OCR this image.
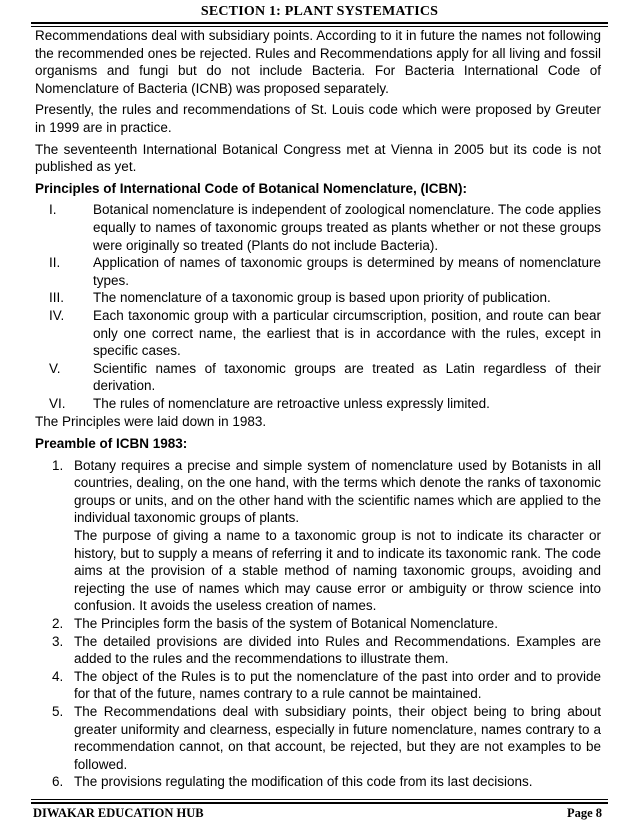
SECTION 1: PLANT SYSTEMATICS

Recommendations deal with subsidiary points. According to it in future the names not following the recommended ones be rejected. Rules and Recommendations apply for all living and fossil organisms and fungi but do not include Bacteria. For Bacteria International Code of Nomenclature of Bacteria (ICNB) was proposed separately.

Presently, the rules and recommendations of St. Louis code which were proposed by Greuter in 1999 are in practice.

The seventeenth International Botanical Congress met at Vienna in 2005 but its code is not published as yet.

Principles of International Code of Botanical Nomenclature, (ICBN):

I.	Botanical nomenclature is independent of zoological nomenclature. The code applies equally to names of taxonomic groups treated as plants whether or not these groups were originally so treated (Plants do not include Bacteria).
II. Application of names of taxonomic groups is determined by means of nomenclature types.
III. The nomenclature of a taxonomic group is based upon priority of publication.
IV. Each taxonomic group with a particular circumscription, position, and route can bear only one correct name, the earliest that is in accordance with the rules, except in specific cases.
V. Scientific names of taxonomic groups are treated as Latin regardless of their derivation.
VI. The rules of nomenclature are retroactive unless expressly limited.

The Principles were laid down in 1983.

Preamble of ICBN 1983:

1. Botany requires a precise and simple system of nomenclature used by Botanists in all countries, dealing, on the one hand, with the terms which denote the ranks of taxonomic groups or units, and on the other hand with the scientific names which are applied to the individual taxonomic groups of plants.

The purpose of giving a name to a taxonomic group is not to indicate its character or history, but to supply a means of referring it and to indicate its taxonomic rank. The code aims at the provision of a stable method of naming taxonomic groups, avoiding and rejecting the use of names which may cause error or ambiguity or throw science into confusion. It avoids the useless creation of names.

2. The Principles form the basis of the system of Botanical Nomenclature.
3. The detailed provisions are divided into Rules and Recommendations. Examples are added to the rules and the recommendations to illustrate them.
4. The object of the Rules is to put the nomenclature of the past into order and to provide for that of the future, names contrary to a rule cannot be maintained.
5. The Recommendations deal with subsidiary points, their object being to bring about greater uniformity and clearness, especially in future nomenclature, names contrary to a recommendation cannot, on that account, be rejected, but they are not examples to be followed.
6. The provisions regulating the modification of this code from its last decisions.
DIWAKAR EDUCATION HUB	Page 8
